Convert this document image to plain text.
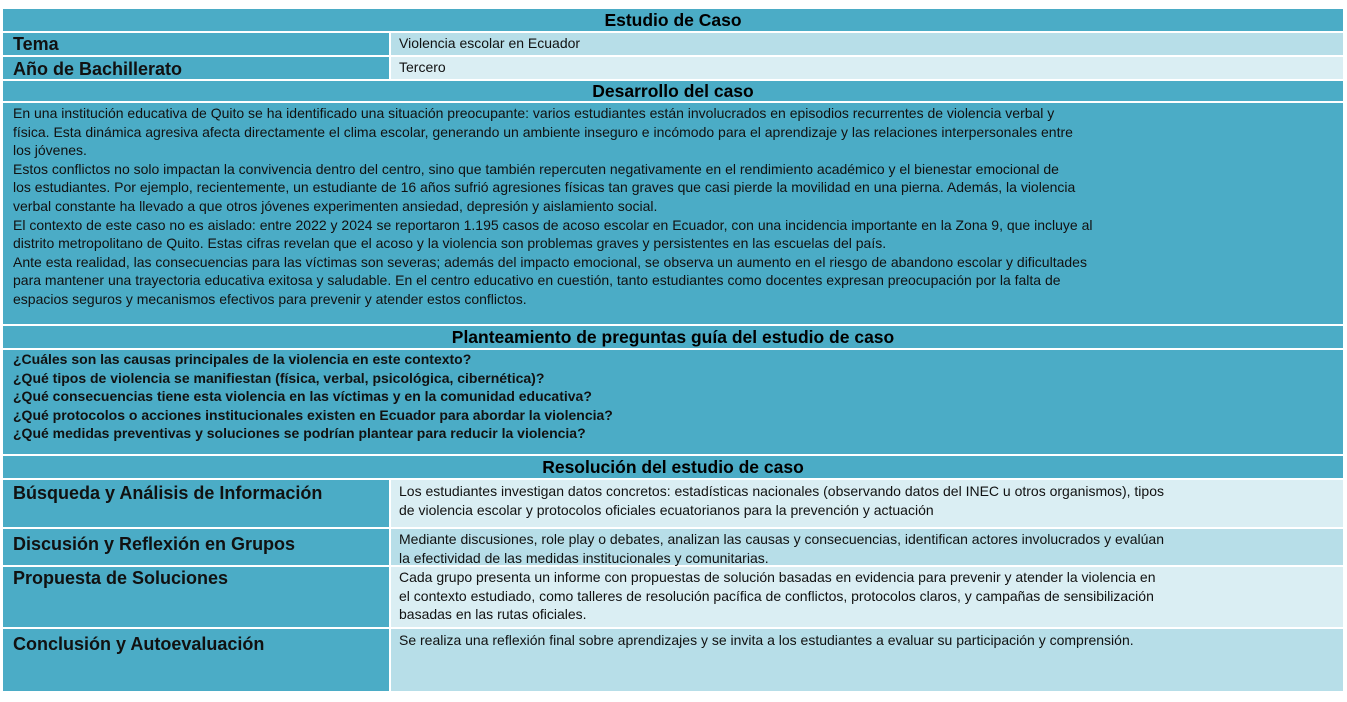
Estudio de Caso
Tema	Violencia escolar en Ecuador
Año de Bachillerato	Tercero
Desarrollo del caso
En una institución educativa de Quito se ha identificado una situación preocupante: varios estudiantes están involucrados en episodios recurrentes de violencia verbal y
física. Esta dinámica agresiva afecta directamente el clima escolar, generando un ambiente inseguro e incómodo para el aprendizaje y las relaciones interpersonales entre
los jóvenes.
Estos conflictos no solo impactan la convivencia dentro del centro, sino que también repercuten negativamente en el rendimiento académico y el bienestar emocional de
los estudiantes. Por ejemplo, recientemente, un estudiante de 16 años sufrió agresiones físicas tan graves que casi pierde la movilidad en una pierna. Además, la violencia
verbal constante ha llevado a que otros jóvenes experimenten ansiedad, depresión y aislamiento social.
El contexto de este caso no es aislado: entre 2022 y 2024 se reportaron 1.195 casos de acoso escolar en Ecuador, con una incidencia importante en la Zona 9, que incluye al
distrito metropolitano de Quito. Estas cifras revelan que el acoso y la violencia son problemas graves y persistentes en las escuelas del país.
Ante esta realidad, las consecuencias para las víctimas son severas; además del impacto emocional, se observa un aumento en el riesgo de abandono escolar y dificultades
para mantener una trayectoria educativa exitosa y saludable. En el centro educativo en cuestión, tanto estudiantes como docentes expresan preocupación por la falta de
espacios seguros y mecanismos efectivos para prevenir y atender estos conflictos.
Planteamiento de preguntas guía del estudio de caso
¿Cuáles son las causas principales de la violencia en este contexto?
¿Qué tipos de violencia se manifiestan (física, verbal, psicológica, cibernética)?
¿Qué consecuencias tiene esta violencia en las víctimas y en la comunidad educativa?
¿Qué protocolos o acciones institucionales existen en Ecuador para abordar la violencia?
¿Qué medidas preventivas y soluciones se podrían plantear para reducir la violencia?
Resolución del estudio de caso
Búsqueda y Análisis de Información	Los estudiantes investigan datos concretos: estadísticas nacionales (observando datos del INEC u otros organismos), tipos
de violencia escolar y protocolos oficiales ecuatorianos para la prevención y actuación
Discusión y Reflexión en Grupos	Mediante discusiones, role play o debates, analizan las causas y consecuencias, identifican actores involucrados y evalúan
la efectividad de las medidas institucionales y comunitarias.
Propuesta de Soluciones	Cada grupo presenta un informe con propuestas de solución basadas en evidencia para prevenir y atender la violencia en
el contexto estudiado, como talleres de resolución pacífica de conflictos, protocolos claros, y campañas de sensibilización
basadas en las rutas oficiales.
Conclusión y Autoevaluación	Se realiza una reflexión final sobre aprendizajes y se invita a los estudiantes a evaluar su participación y comprensión.
